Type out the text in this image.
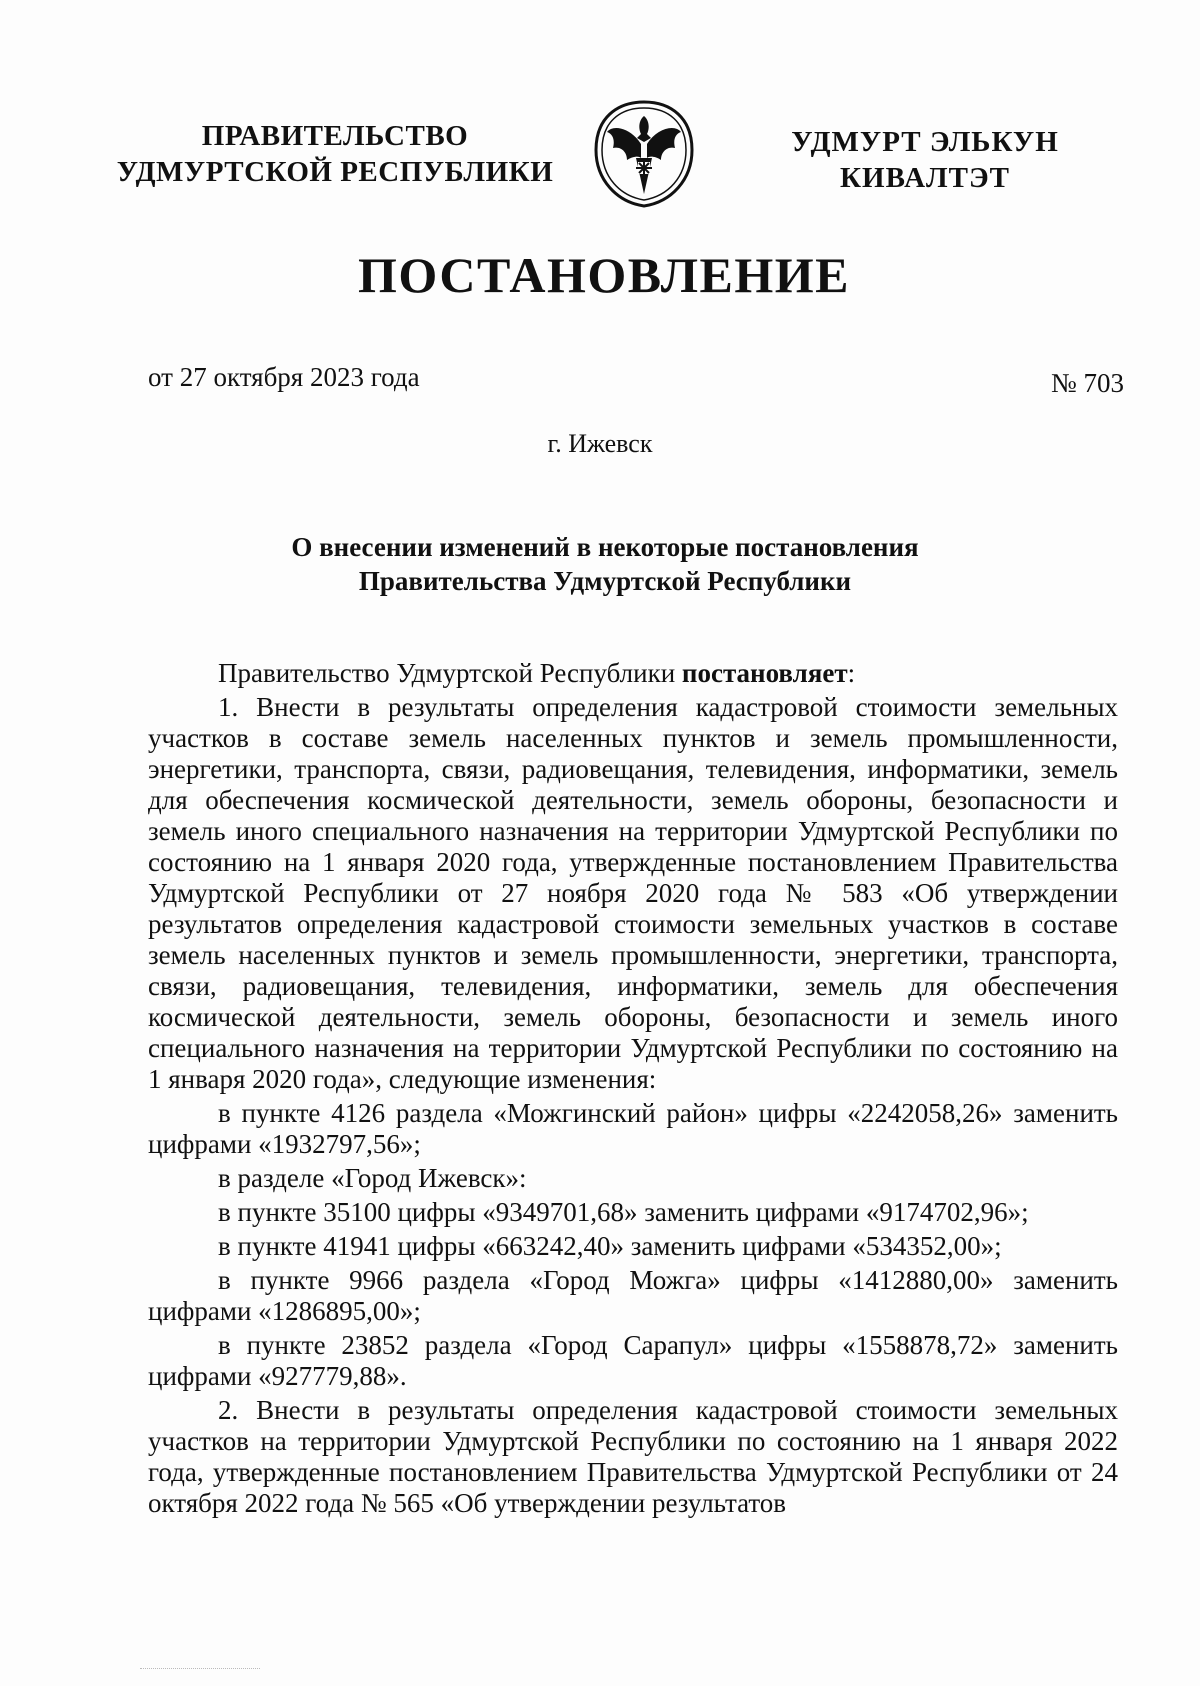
ПРАВИТЕЛЬСТВО
УДМУРТСКОЙ РЕСПУБЛИКИ
УДМУРТ ЭЛЬКУН
КИВАЛТЭТ
ПОСТАНОВЛЕНИЕ
от 27 октября 2023 года	№ 703
г. Ижевск
О внесении изменений в некоторые постановления
Правительства Удмуртской Республики

Правительство Удмуртской Республики постановляет:

1. Внести в результаты определения кадастровой стоимости земельных участков в составе земель населенных пунктов и земель промышленности, энергетики, транспорта, связи, радиовещания, телевидения, информатики, земель для обеспечения космической деятельности, земель обороны, безопасности и земель иного специального назначения на территории Удмуртской Республики по состоянию на 1 января 2020 года, утвержденные постановлением Правительства Удмуртской Республики от 27 ноября 2020 года № 583 «Об утверждении результатов определения кадастровой стоимости земельных участков в составе земель населенных пунктов и земель промышленности, энергетики, транспорта, связи, радиовещания, телевидения, информатики, земель для обеспечения космической деятельности, земель обороны, безопасности и земель иного специального назначения на территории Удмуртской Республики по состоянию на 1 января 2020 года», следующие изменения:

в пункте 4126 раздела «Можгинский район» цифры «2242058,26» заменить цифрами «1932797,56»;

в разделе «Город Ижевск»:

в пункте 35100 цифры «9349701,68» заменить цифрами «9174702,96»;

в пункте 41941 цифры «663242,40» заменить цифрами «534352,00»;

в пункте 9966 раздела «Город Можга» цифры «1412880,00» заменить цифрами «1286895,00»;

в пункте 23852 раздела «Город Сарапул» цифры «1558878,72» заменить цифрами «927779,88».

2. Внести в результаты определения кадастровой стоимости земельных участков на территории Удмуртской Республики по состоянию на 1 января 2022 года, утвержденные постановлением Правительства Удмуртской Республики от 24 октября 2022 года № 565 «Об утверждении результатов
